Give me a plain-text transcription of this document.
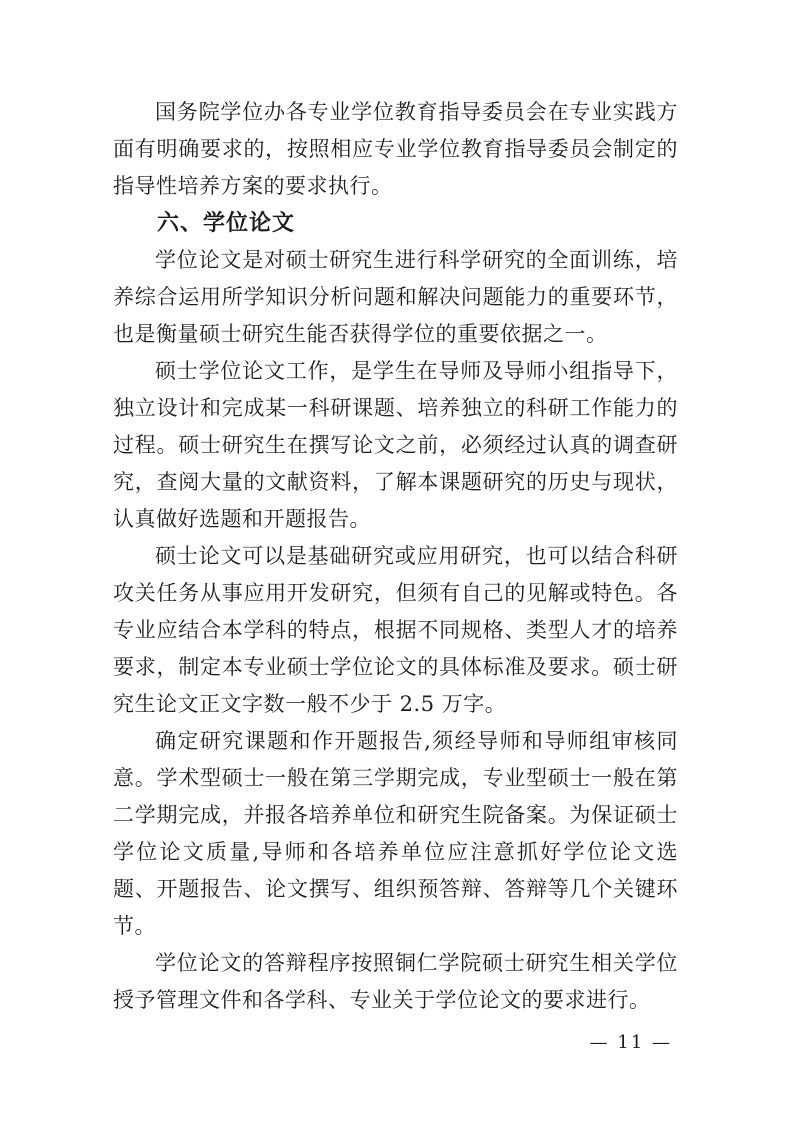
国务院学位办各专业学位教育指导委员会在专业实践方面有明确要求的，按照相应专业学位教育指导委员会制定的指导性培养方案的要求执行。

六、学位论文

学位论文是对硕士研究生进行科学研究的全面训练，培养综合运用所学知识分析问题和解决问题能力的重要环节，也是衡量硕士研究生能否获得学位的重要依据之一。

硕士学位论文工作，是学生在导师及导师小组指导下，独立设计和完成某一科研课题、培养独立的科研工作能力的过程。硕士研究生在撰写论文之前，必须经过认真的调查研究，查阅大量的文献资料，了解本课题研究的历史与现状，认真做好选题和开题报告。

硕士论文可以是基础研究或应用研究，也可以结合科研攻关任务从事应用开发研究，但须有自己的见解或特色。各专业应结合本学科的特点，根据不同规格、类型人才的培养要求，制定本专业硕士学位论文的具体标准及要求。硕士研究生论文正文字数一般不少于 2.5 万字。

确定研究课题和作开题报告,须经导师和导师组审核同意。学术型硕士一般在第三学期完成，专业型硕士一般在第二学期完成，并报各培养单位和研究生院备案。为保证硕士学位论文质量,导师和各培养单位应注意抓好学位论文选题、开题报告、论文撰写、组织预答辩、答辩等几个关键环节。

学位论文的答辩程序按照铜仁学院硕士研究生相关学位授予管理文件和各学科、专业关于学位论文的要求进行。

— 11 —
